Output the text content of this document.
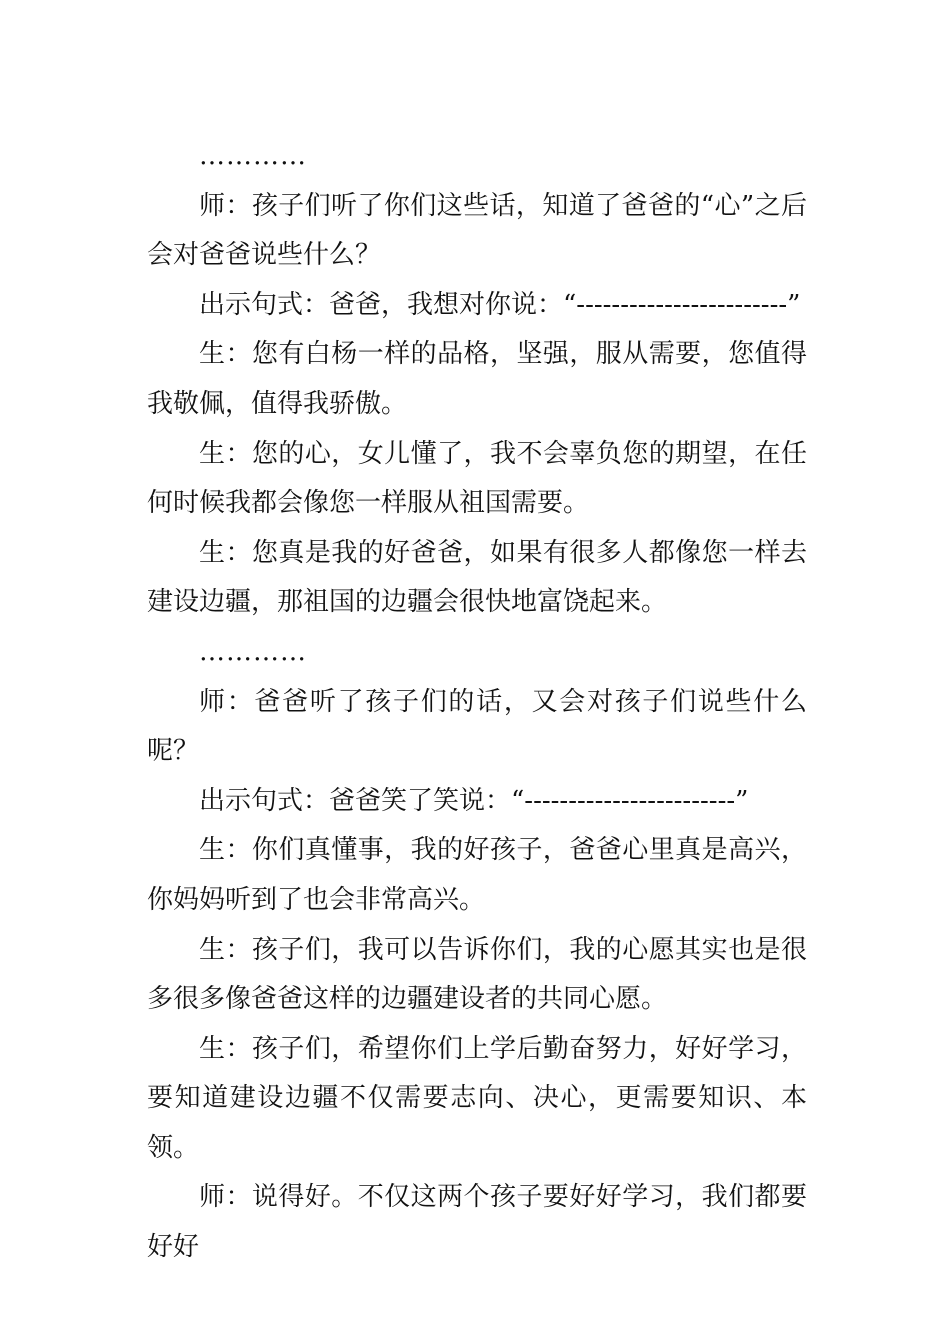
…………

师：孩子们听了你们这些话，知道了爸爸的“心”之后会对爸爸说些什么？

出示句式：爸爸，我想对你说：“------------------------”

生：您有白杨一样的品格，坚强，服从需要，您值得我敬佩，值得我骄傲。

生：您的心，女儿懂了，我不会辜负您的期望，在任何时候我都会像您一样服从祖国需要。

生：您真是我的好爸爸，如果有很多人都像您一样去建设边疆，那祖国的边疆会很快地富饶起来。

…………

师：爸爸听了孩子们的话，又会对孩子们说些什么呢？

出示句式：爸爸笑了笑说：“------------------------”

生：你们真懂事，我的好孩子，爸爸心里真是高兴，你妈妈听到了也会非常高兴。

生：孩子们，我可以告诉你们，我的心愿其实也是很多很多像爸爸这样的边疆建设者的共同心愿。

生：孩子们，希望你们上学后勤奋努力，好好学习，要知道建设边疆不仅需要志向、决心，更需要知识、本领。

师：说得好。不仅这两个孩子要好好学习，我们都要好好
